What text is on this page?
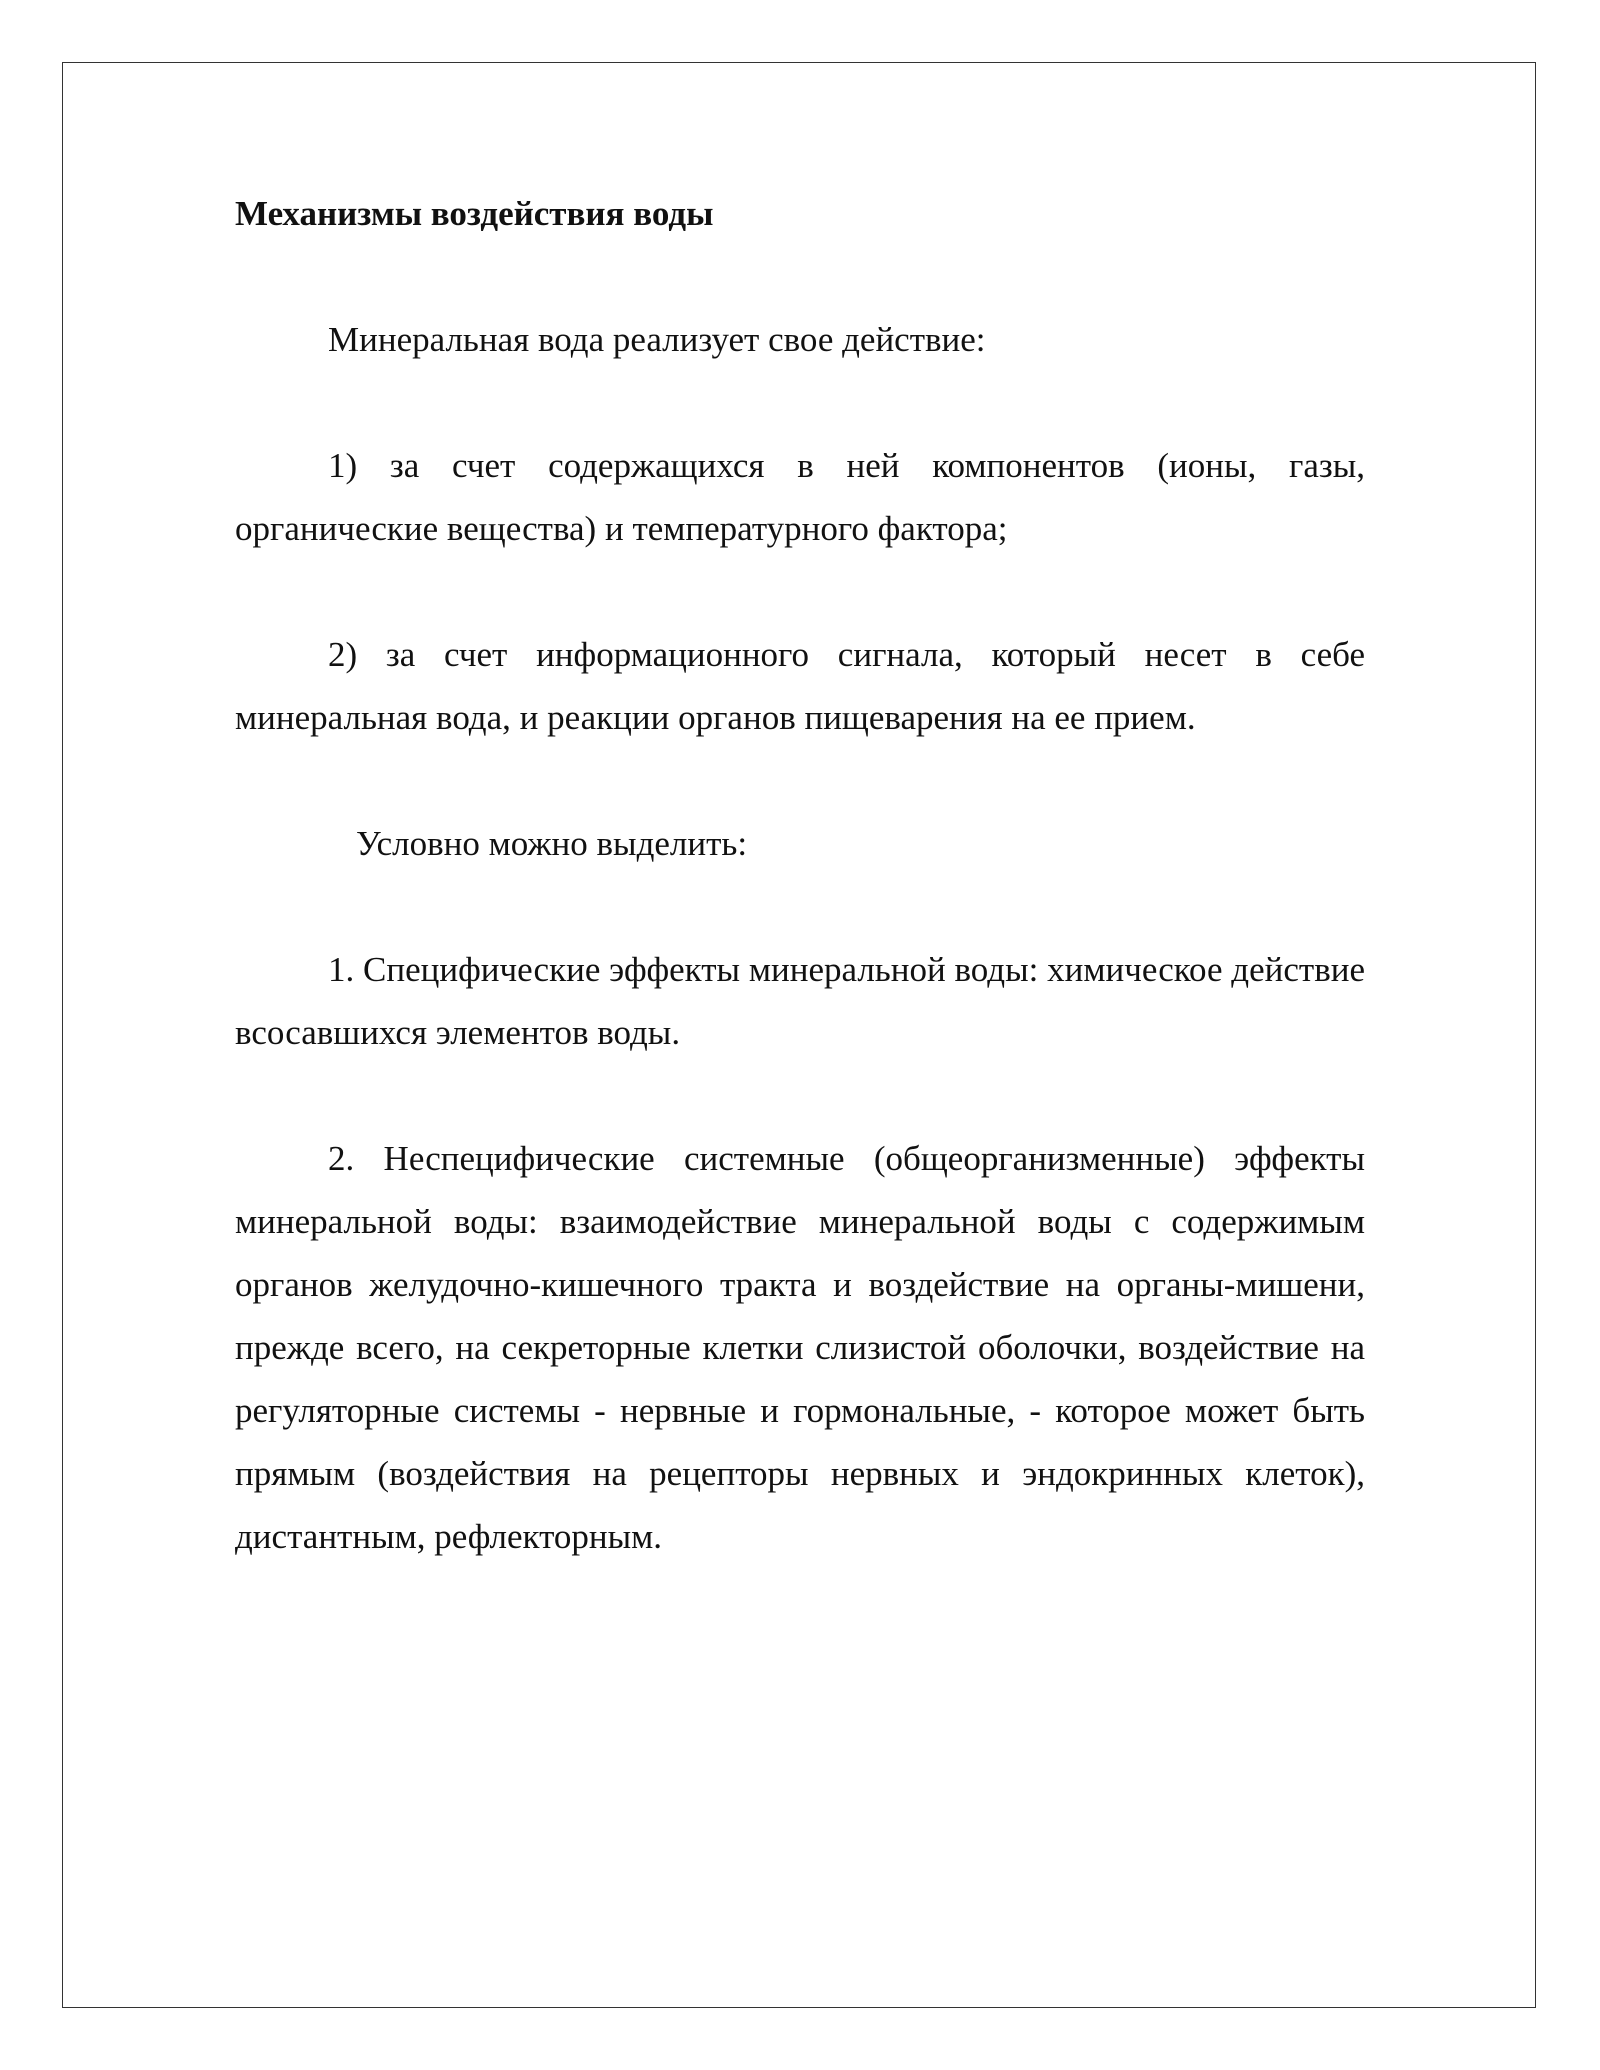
Механизмы воздействия воды

Минеральная вода реализует свое действие:

1) за счет содержащихся в ней компонентов (ионы, газы, органические вещества) и температурного фактора;

2) за счет информационного сигнала, который несет в себе минеральная вода, и реакции органов пищеварения на ее прием.

Условно можно выделить:

1. Специфические эффекты минеральной воды: химическое действие всосавшихся элементов воды.

2. Неспецифические системные (общеорганизменные) эффекты минеральной воды: взаимодействие минеральной воды с содержимым органов желудочно-кишечного тракта и воздействие на органы-мишени, прежде всего, на секреторные клетки слизистой оболочки, воздействие на регуляторные системы - нервные и гормональные, - которое может быть прямым (воздействия на рецепторы нервных и эндокринных клеток), дистантным, рефлекторным.
